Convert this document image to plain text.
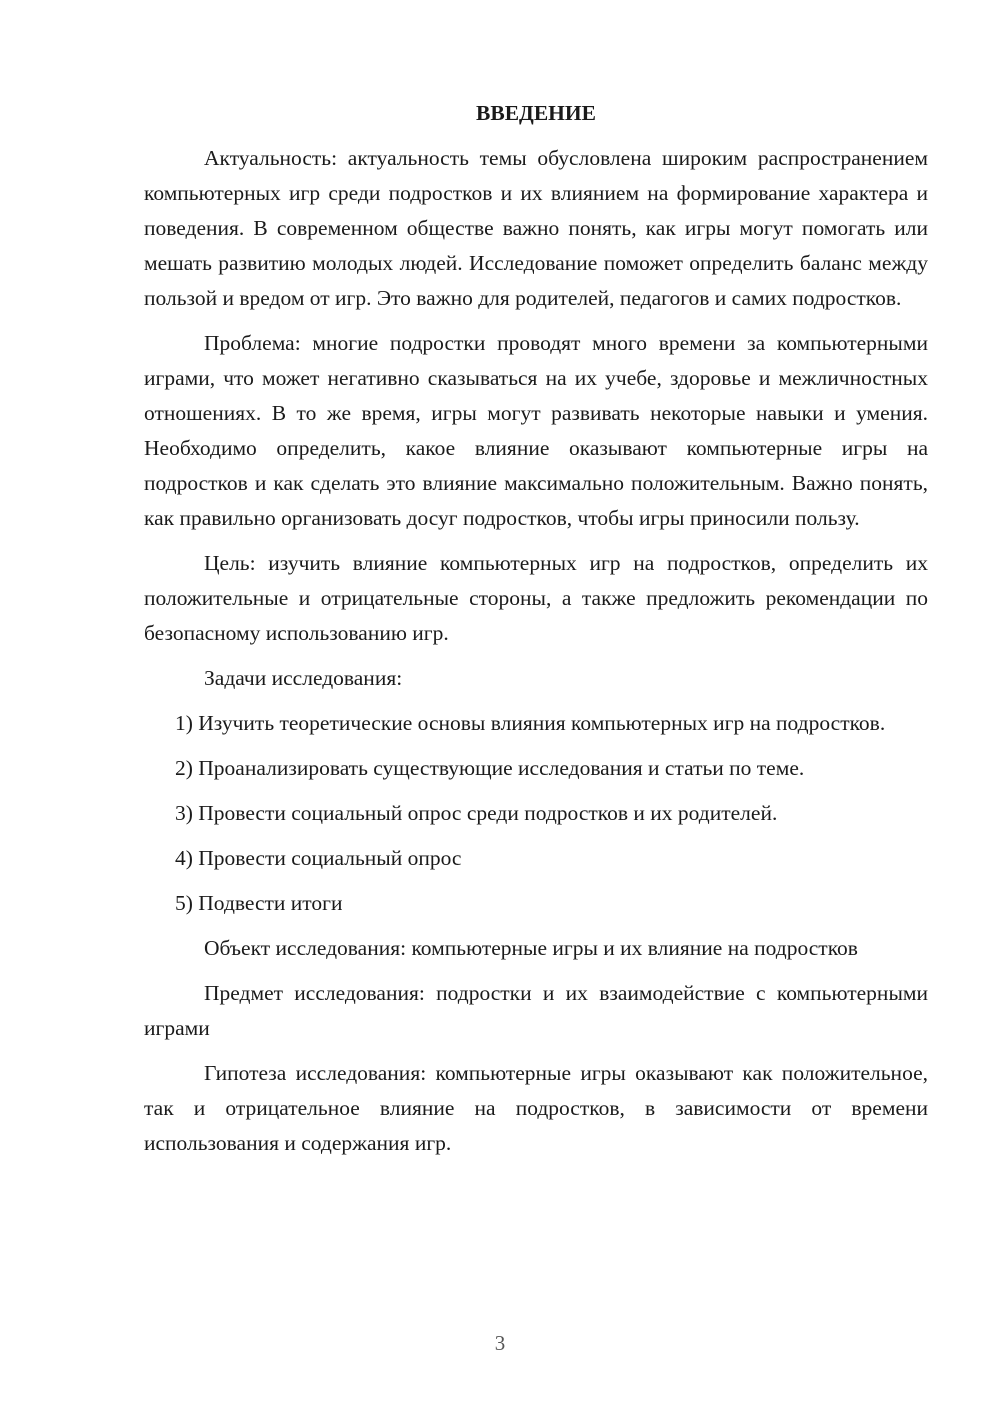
ВВЕДЕНИЕ

Актуальность: актуальность темы обусловлена широким распространением компьютерных игр среди подростков и их влиянием на формирование характера и поведения. В современном обществе важно понять, как игры могут помогать или мешать развитию молодых людей. Исследование поможет определить баланс между пользой и вредом от игр. Это важно для родителей, педагогов и самих подростков.

Проблема: многие подростки проводят много времени за компьютерными играми, что может негативно сказываться на их учебе, здоровье и межличностных отношениях. В то же время, игры могут развивать некоторые навыки и умения. Необходимо определить, какое влияние оказывают компьютерные игры на подростков и как сделать это влияние максимально положительным. Важно понять, как правильно организовать досуг подростков, чтобы игры приносили пользу.

Цель: изучить влияние компьютерных игр на подростков, определить их положительные и отрицательные стороны, а также предложить рекомендации по безопасному использованию игр.

Задачи исследования:

1) Изучить теоретические основы влияния компьютерных игр на подростков.

2) Проанализировать существующие исследования и статьи по теме.

3) Провести социальный опрос среди подростков и их родителей.

4) Провести социальный опрос

5) Подвести итоги

Объект исследования: компьютерные игры и их влияние на подростков

Предмет исследования: подростки и их взаимодействие с компьютерными играми

Гипотеза исследования: компьютерные игры оказывают как положительное, так и отрицательное влияние на подростков, в зависимости от времени использования и содержания игр.

3
